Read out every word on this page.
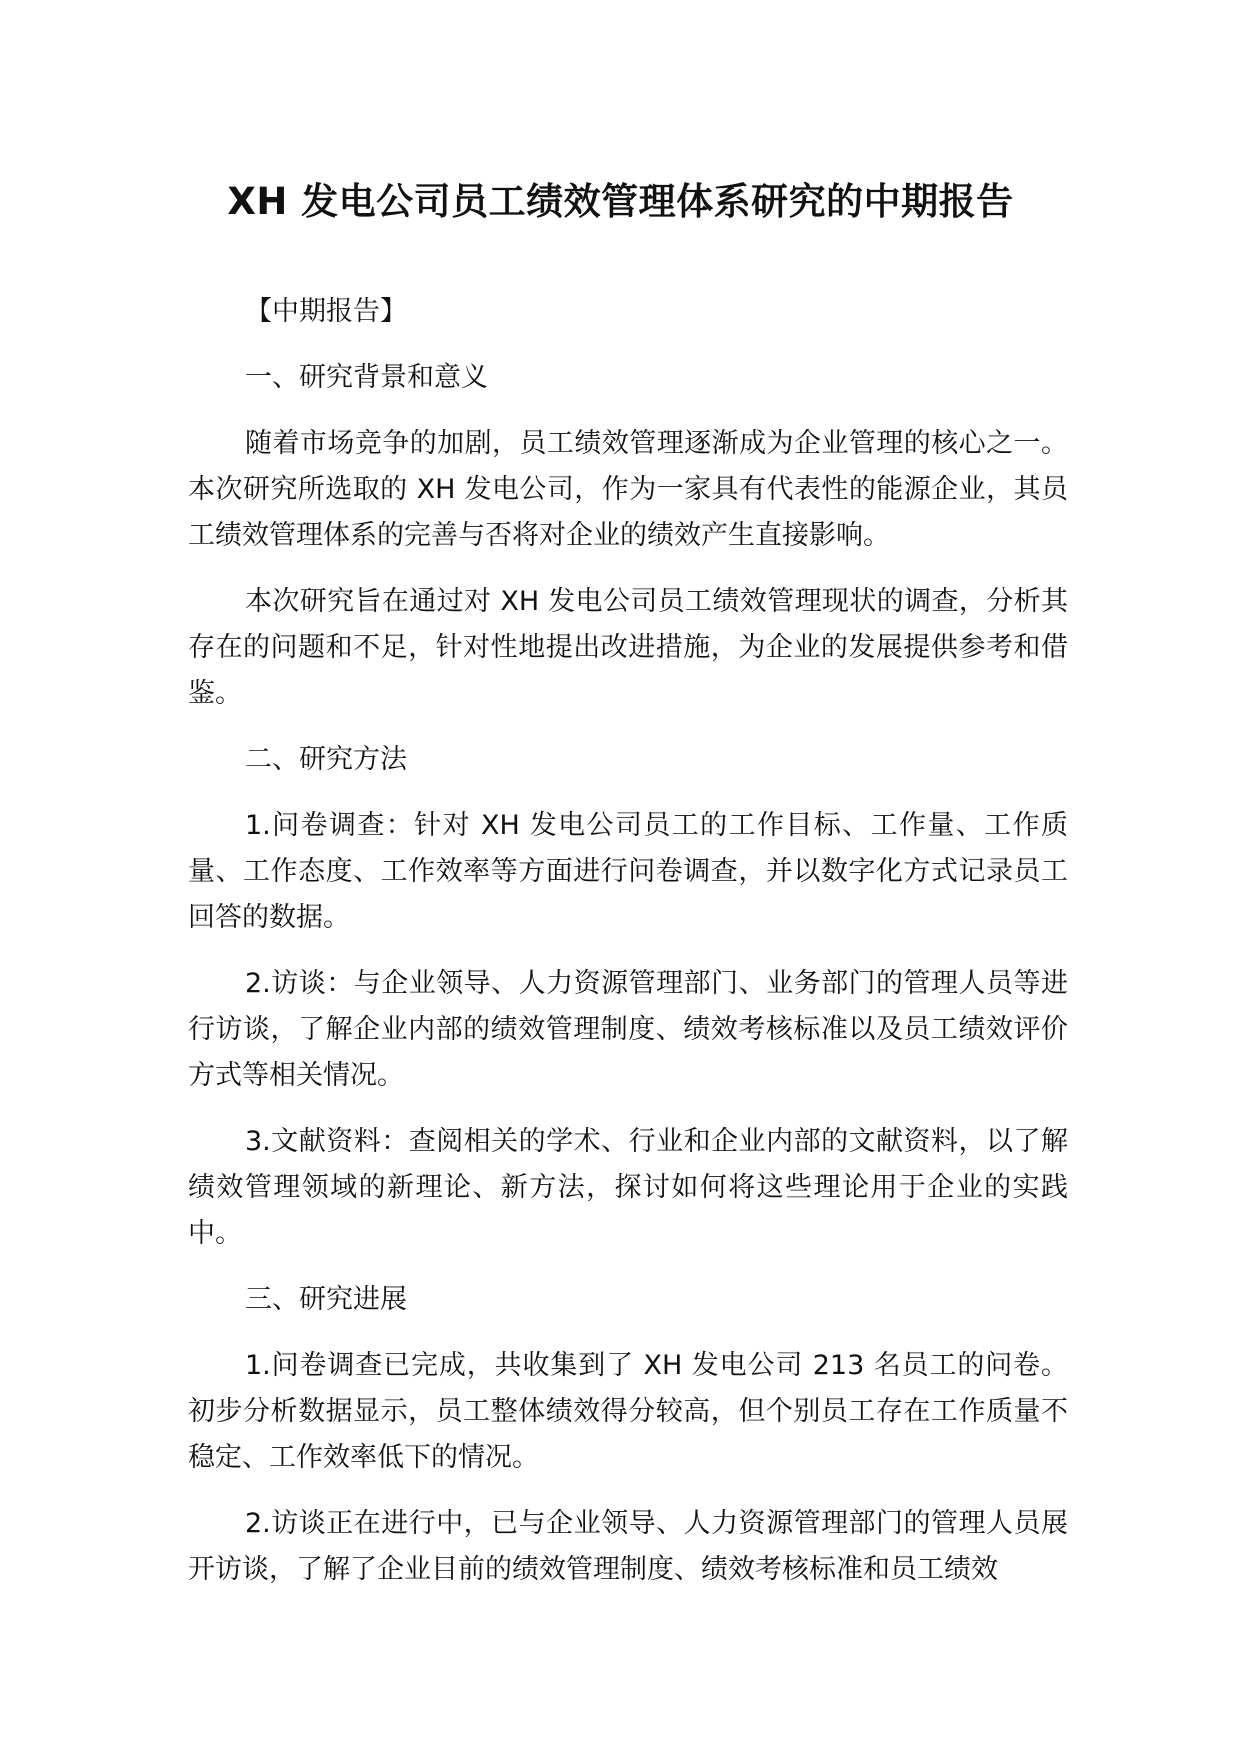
XH 发电公司员工绩效管理体系研究的中期报告

【中期报告】

一、研究背景和意义

随着市场竞争的加剧，员工绩效管理逐渐成为企业管理的核心之一。本次研究所选取的 XH 发电公司，作为一家具有代表性的能源企业，其员工绩效管理体系的完善与否将对企业的绩效产生直接影响。

本次研究旨在通过对 XH 发电公司员工绩效管理现状的调查，分析其存在的问题和不足，针对性地提出改进措施，为企业的发展提供参考和借鉴。

二、研究方法

1.问卷调查：针对 XH 发电公司员工的工作目标、工作量、工作质量、工作态度、工作效率等方面进行问卷调查，并以数字化方式记录员工回答的数据。

2.访谈：与企业领导、人力资源管理部门、业务部门的管理人员等进行访谈，了解企业内部的绩效管理制度、绩效考核标准以及员工绩效评价方式等相关情况。

3.文献资料：查阅相关的学术、行业和企业内部的文献资料，以了解绩效管理领域的新理论、新方法，探讨如何将这些理论用于企业的实践中。

三、研究进展

1.问卷调查已完成，共收集到了 XH 发电公司 213 名员工的问卷。初步分析数据显示，员工整体绩效得分较高，但个别员工存在工作质量不稳定、工作效率低下的情况。

2.访谈正在进行中，已与企业领导、人力资源管理部门的管理人员展开访谈，了解了企业目前的绩效管理制度、绩效考核标准和员工绩效
